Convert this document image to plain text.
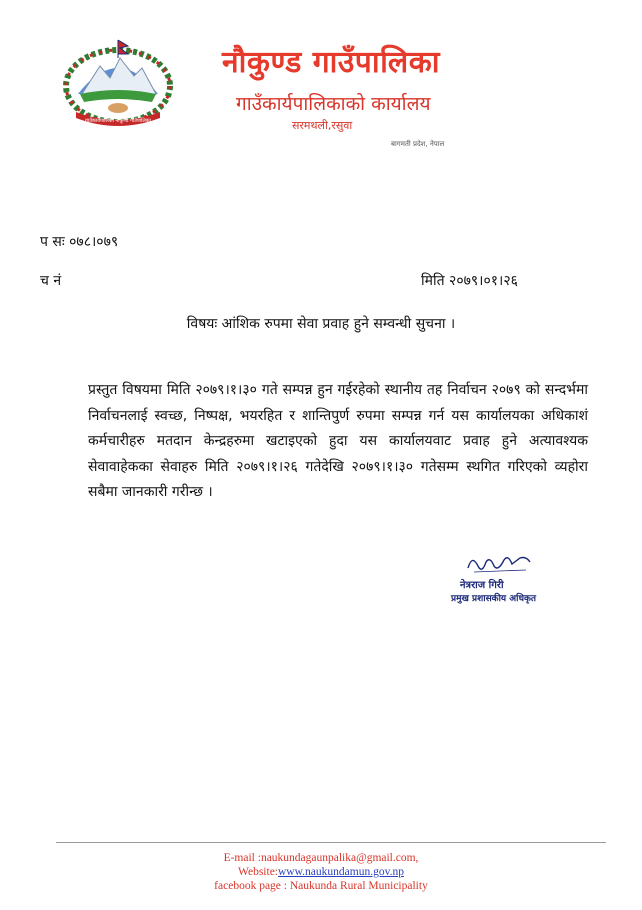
गाउँकार्यपालिका नौकुण्ड गाउँपालिका
नौकुण्ड गाउँपालिका
गाउँकार्यपालिकाको कार्यालय
सरमथली,रसुवा
बागमती प्रदेश, नेपाल
प सः ०७८।०७९
च नं	मिति २०७९।०१।२६
विषयः आंशिक रुपमा सेवा प्रवाह हुने सम्वन्धी सुचना ।
प्रस्तुत विषयमा मिति २०७९।१।३० गते सम्पन्न हुन गईरहेको स्थानीय तह निर्वाचन २०७९ को सन्दर्भमा निर्वाचनलाई स्वच्छ, निष्पक्ष, भयरहित र शान्तिपुर्ण रुपमा सम्पन्न गर्न यस कार्यालयका अधिकाशं कर्मचारीहरु मतदान केन्द्रहरुमा खटाइएको हुदा यस कार्यालयवाट प्रवाह हुने अत्यावश्यक सेवावाहेकका सेवाहरु मिति २०७९।१।२६ गतेदेखि २०७९।१।३० गतेसम्म स्थगित गरिएको व्यहोरा सबैमा जानकारी गरीन्छ ।
नेत्रराज गिरी
प्रमुख प्रशासकीय अधिकृत
E-mail :naukundagaunpalika@gmail.com,
Website:www.naukundamun.gov.np
facebook page : Naukunda Rural Municipality
